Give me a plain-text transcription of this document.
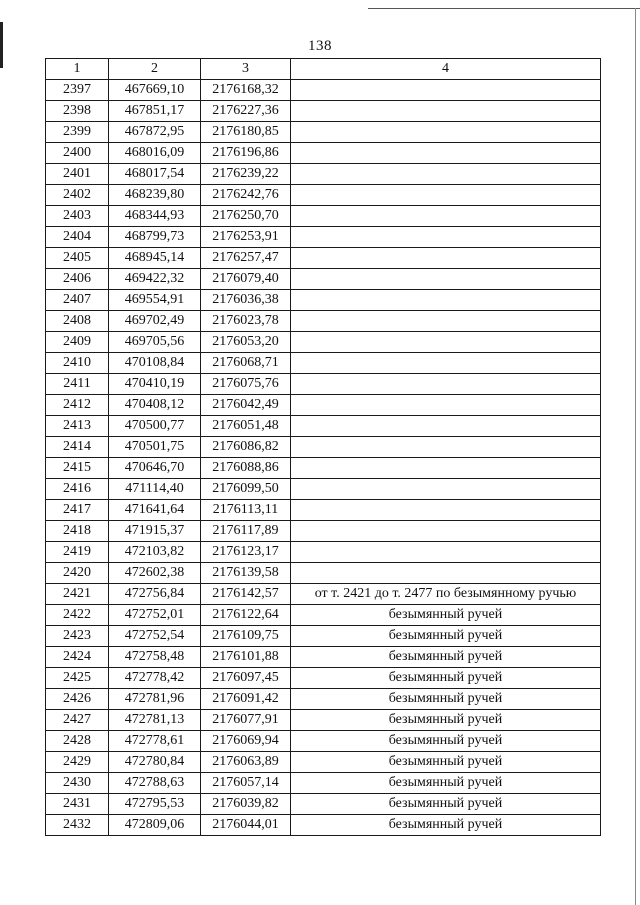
138
1	2	3	4
2397	467669,10	2176168,32	
2398	467851,17	2176227,36	
2399	467872,95	2176180,85	
2400	468016,09	2176196,86	
2401	468017,54	2176239,22	
2402	468239,80	2176242,76	
2403	468344,93	2176250,70	
2404	468799,73	2176253,91	
2405	468945,14	2176257,47	
2406	469422,32	2176079,40	
2407	469554,91	2176036,38	
2408	469702,49	2176023,78	
2409	469705,56	2176053,20	
2410	470108,84	2176068,71	
2411	470410,19	2176075,76	
2412	470408,12	2176042,49	
2413	470500,77	2176051,48	
2414	470501,75	2176086,82	
2415	470646,70	2176088,86	
2416	471114,40	2176099,50	
2417	471641,64	2176113,11	
2418	471915,37	2176117,89	
2419	472103,82	2176123,17	
2420	472602,38	2176139,58	
2421	472756,84	2176142,57	от т. 2421 до т. 2477 по безымянному ручью
2422	472752,01	2176122,64	безымянный ручей
2423	472752,54	2176109,75	безымянный ручей
2424	472758,48	2176101,88	безымянный ручей
2425	472778,42	2176097,45	безымянный ручей
2426	472781,96	2176091,42	безымянный ручей
2427	472781,13	2176077,91	безымянный ручей
2428	472778,61	2176069,94	безымянный ручей
2429	472780,84	2176063,89	безымянный ручей
2430	472788,63	2176057,14	безымянный ручей
2431	472795,53	2176039,82	безымянный ручей
2432	472809,06	2176044,01	безымянный ручей
